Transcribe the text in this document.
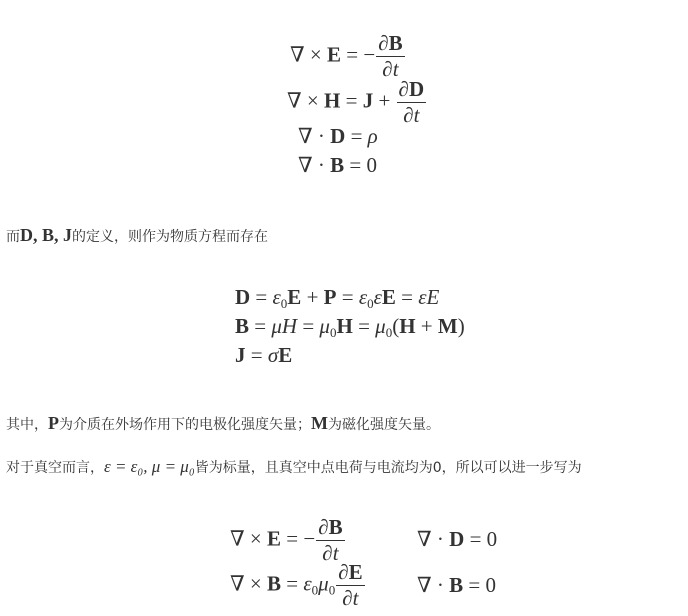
∇ × E = − $\frac{\partial B}{\partial t}$
∇ × $H = J + \frac{\partial D}{\partial t}$
∇ · D = ρ
∇ · B = 0
而D, B, J的定义，则作为物质方程而存在
$D = \varepsilon_0E + P = \varepsilon_0\varepsilon E = \varepsilon E$
$B = \mu H = \mu_0H = \mu_0(H + M)$
J = σE
其中，P为介质在外场作用下的电极化强度矢量；M为磁化强度矢量。
对于真空而言，ε = ε₀, μ = μ₀皆为标量，且真空中点电荷与电流均为0，所以可以进一步写为
∇ × E = − $\frac{\partial B}{\partial t}$	∇ · D = 0
∇ × $B = \varepsilon_0\mu_0 \frac{\partial E}{\partial t}$ ∇ · B = 0
